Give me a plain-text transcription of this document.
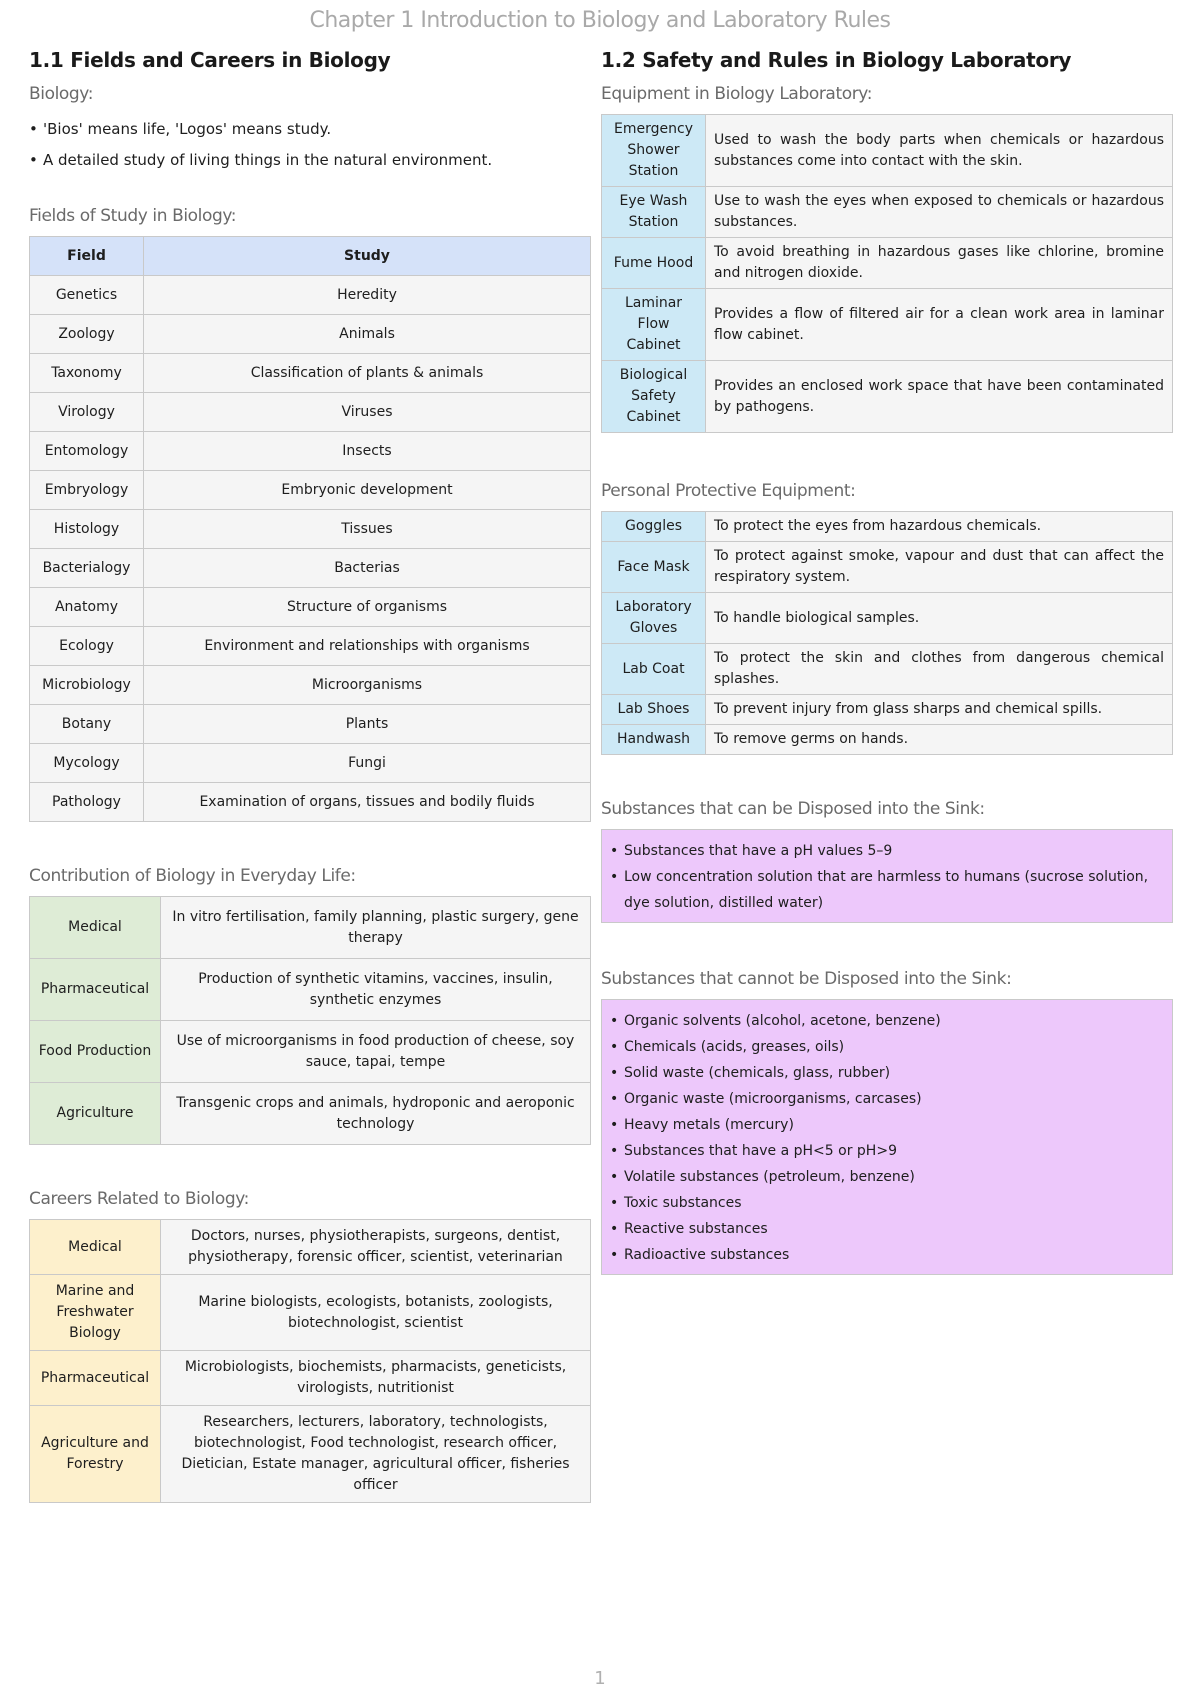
Chapter 1 Introduction to Biology and Laboratory Rules
1.1 Fields and Careers in Biology
Biology:
• 'Bios' means life, 'Logos' means study.
• A detailed study of living things in the natural environment.
Fields of Study in Biology:
Field	Study
Genetics	Heredity
Zoology	Animals
Taxonomy	Classification of plants & animals
Virology	Viruses
Entomology	Insects
Embryology	Embryonic development
Histology	Tissues
Bacterialogy	Bacterias
Anatomy	Structure of organisms
Ecology	Environment and relationships with organisms
Microbiology	Microorganisms
Botany	Plants
Mycology	Fungi
Pathology	Examination of organs, tissues and bodily fluids
Contribution of Biology in Everyday Life:
Medical	In vitro fertilisation, family planning, plastic surgery, gene therapy
Pharmaceutical	Production of synthetic vitamins, vaccines, insulin, synthetic enzymes
Food Production	Use of microorganisms in food production of cheese, soy sauce, tapai, tempe
Agriculture	Transgenic crops and animals, hydroponic and aeroponic technology
Careers Related to Biology:
Medical	Doctors, nurses, physiotherapists, surgeons, dentist, physiotherapy, forensic officer, scientist, veterinarian
Marine and Freshwater Biology	Marine biologists, ecologists, botanists, zoologists, biotechnologist, scientist
Pharmaceutical	Microbiologists, biochemists, pharmacists, geneticists, virologists, nutritionist
Agriculture and Forestry	Researchers, lecturers, laboratory, technologists, biotechnologist, Food technologist, research officer, Dietician, Estate manager, agricultural officer, fisheries officer
1.2 Safety and Rules in Biology Laboratory
Equipment in Biology Laboratory:
Emergency Shower Station	Used to wash the body parts when chemicals or hazardous substances come into contact with the skin.
Eye Wash Station	Use to wash the eyes when exposed to chemicals or hazardous substances.
Fume Hood	To avoid breathing in hazardous gases like chlorine, bromine and nitrogen dioxide.
Laminar Flow Cabinet	Provides a flow of filtered air for a clean work area in laminar flow cabinet.
Biological Safety Cabinet	Provides an enclosed work space that have been contaminated by pathogens.
Personal Protective Equipment:
Goggles	To protect the eyes from hazardous chemicals.
Face Mask	To protect against smoke, vapour and dust that can affect the respiratory system.
Laboratory Gloves	To handle biological samples.
Lab Coat	To protect the skin and clothes from dangerous chemical splashes.
Lab Shoes	To prevent injury from glass sharps and chemical spills.
Handwash	To remove germs on hands.
Substances that can be Disposed into the Sink:
• Substances that have a pH values 5–9
• Low concentration solution that are harmless to humans (sucrose solution, dye solution, distilled water)
Substances that cannot be Disposed into the Sink:
• Organic solvents (alcohol, acetone, benzene)
• Chemicals (acids, greases, oils)
• Solid waste (chemicals, glass, rubber)
• Organic waste (microorganisms, carcases)
• Heavy metals (mercury)
• Substances that have a pH<5 or pH>9
• Volatile substances (petroleum, benzene)
• Toxic substances
• Reactive substances
• Radioactive substances
1
